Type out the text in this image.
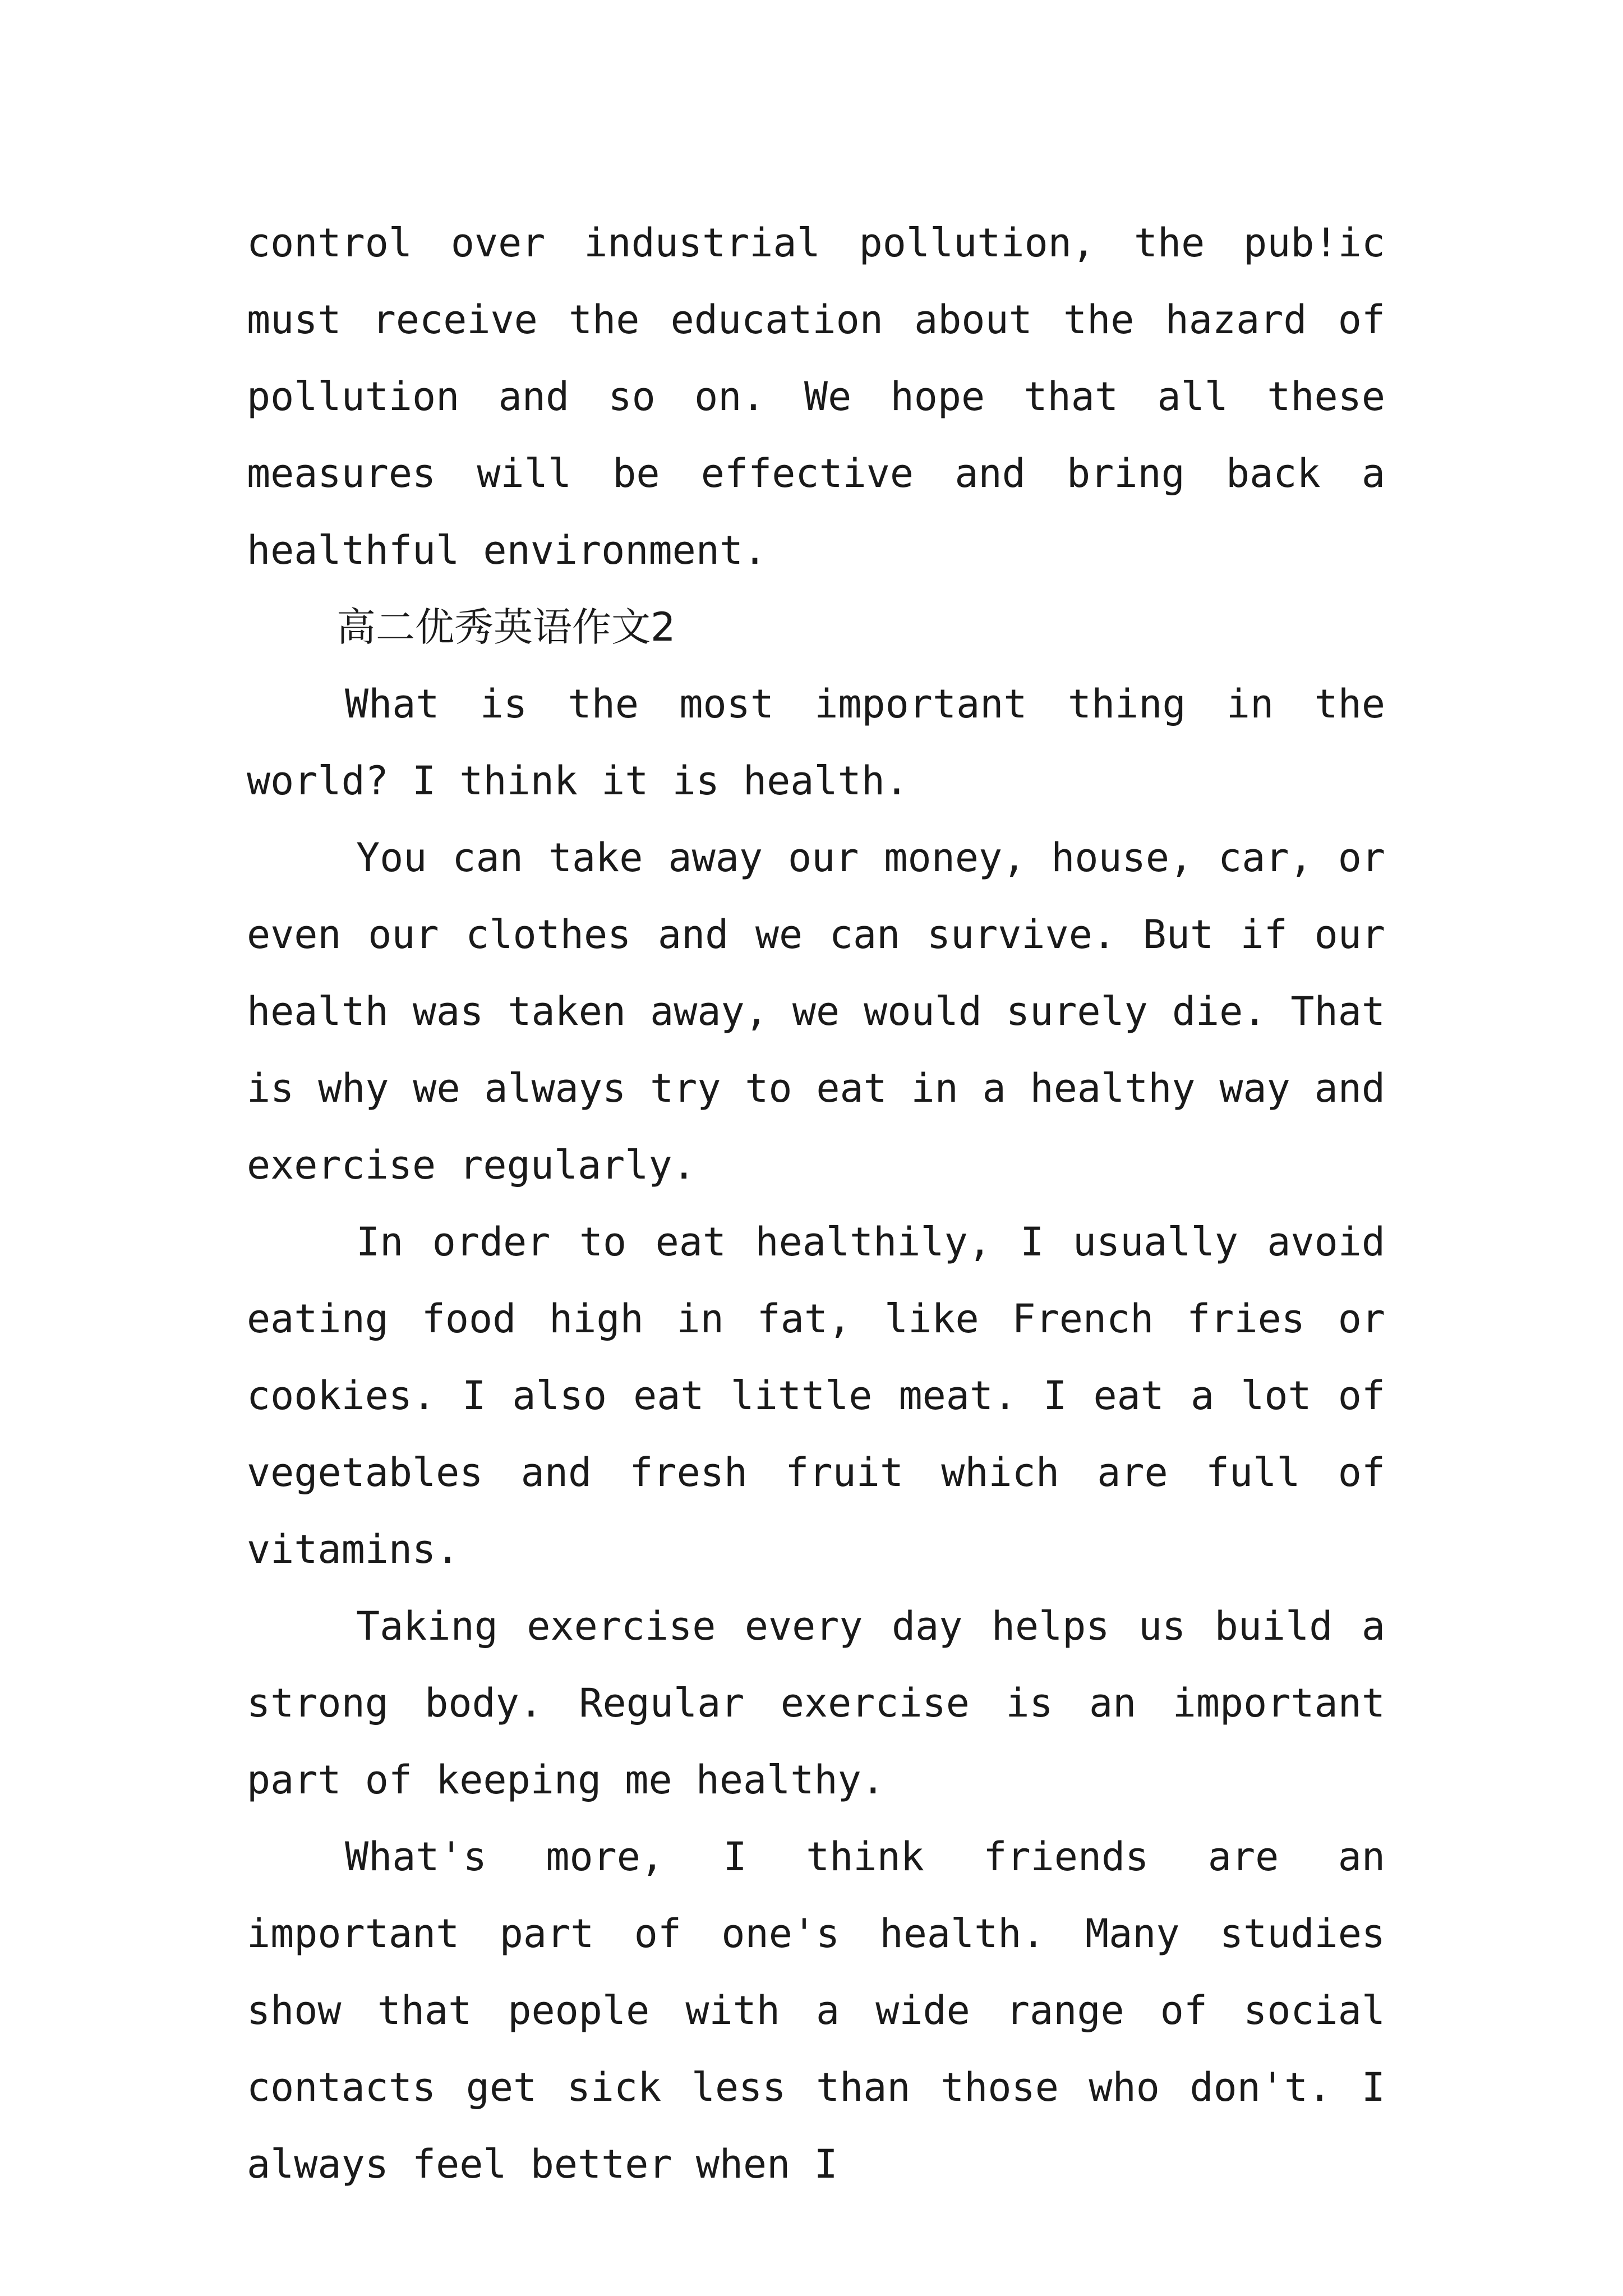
control over industrial pollution, the pub!ic must receive the education about the hazard of pollution and so on. We hope that all these measures will be effective and bring back a healthful environment.

高二优秀英语作文2

What is the most important thing in the world? I think it is health.

You can take away our money, house, car, or even our clothes and we can survive. But if our health was taken away, we would surely die. That is why we always try to eat in a healthy way and exercise regularly.

In order to eat healthily, I usually avoid eating food high in fat, like French fries or cookies. I also eat little meat. I eat a lot of vegetables and fresh fruit which are full of vitamins.

Taking exercise every day helps us build a strong body. Regular exercise is an important part of keeping me healthy.

What's more, I think friends are an important part of one's health. Many studies show that people with a wide range of social contacts get sick less than those who don't. I always feel better when I
